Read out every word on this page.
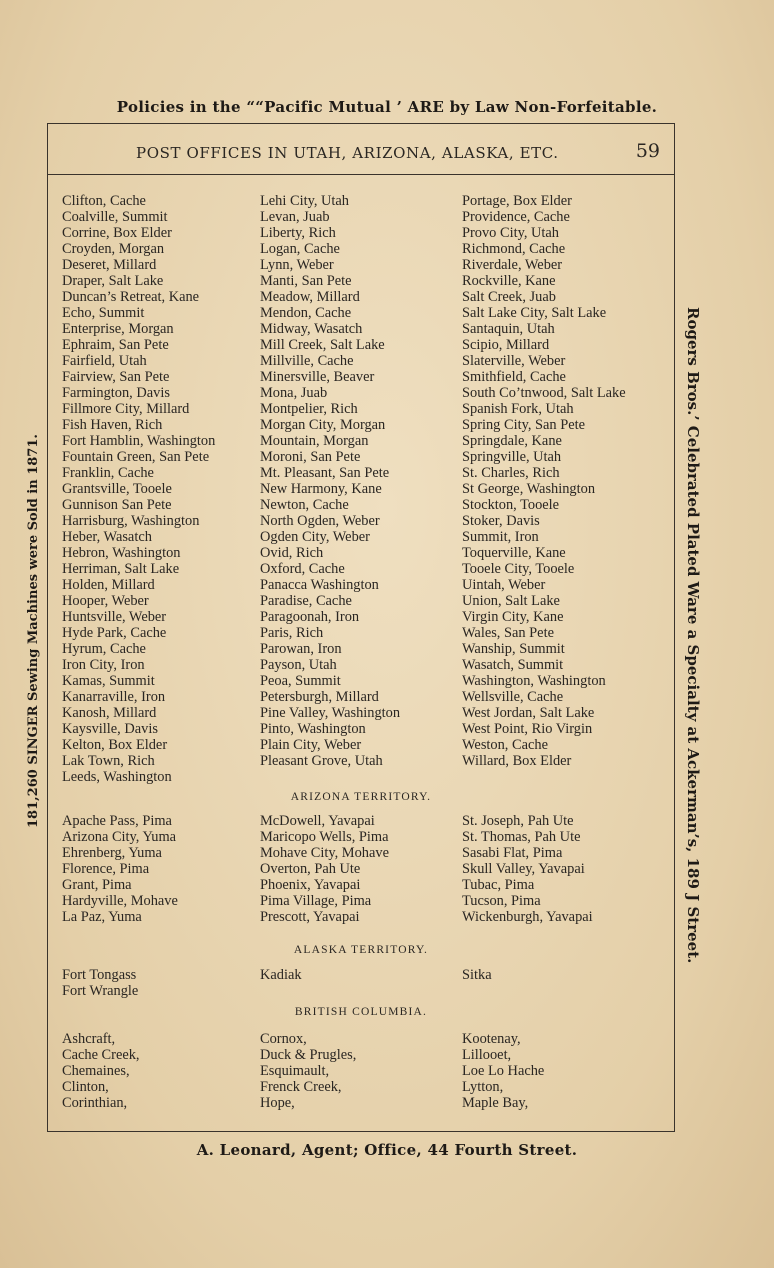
Policies in the ““Pacific Mutual ’ ARE by Law Non-Forfeitable.
181,260 SINGER Sewing Machines were Sold in 1871.	Rogers Bros.’ Celebrated Plated Ware a Specialty at Ackerman’s, 189 J Street.
POST OFFICES IN UTAH, ARIZONA, ALASKA, ETC.	59
Clifton, Cache
Coalville, Summit
Corrine, Box Elder
Croyden, Morgan
Deseret, Millard
Draper, Salt Lake
Duncan’s Retreat, Kane
Echo, Summit
Enterprise, Morgan
Ephraim, San Pete
Fairfield, Utah
Fairview, San Pete
Farmington, Davis
Fillmore City, Millard
Fish Haven, Rich
Fort Hamblin, Washington
Fountain Green, San Pete
Franklin, Cache
Grantsville, Tooele
Gunnison San Pete
Harrisburg, Washington
Heber, Wasatch
Hebron, Washington
Herriman, Salt Lake
Holden, Millard
Hooper, Weber
Huntsville, Weber
Hyde Park, Cache
Hyrum, Cache
Iron City, Iron
Kamas, Summit
Kanarraville, Iron
Kanosh, Millard
Kaysville, Davis
Kelton, Box Elder
Lak Town, Rich
Leeds, Washington
Lehi City, Utah
Levan, Juab
Liberty, Rich
Logan, Cache
Lynn, Weber
Manti, San Pete
Meadow, Millard
Mendon, Cache
Midway, Wasatch
Mill Creek, Salt Lake
Millville, Cache
Minersville, Beaver
Mona, Juab
Montpelier, Rich
Morgan City, Morgan
Mountain, Morgan
Moroni, San Pete
Mt. Pleasant, San Pete
New Harmony, Kane
Newton, Cache
North Ogden, Weber
Ogden City, Weber
Ovid, Rich
Oxford, Cache
Panacca Washington
Paradise, Cache
Paragoonah, Iron
Paris, Rich
Parowan, Iron
Payson, Utah
Peoa, Summit
Petersburgh, Millard
Pine Valley, Washington
Pinto, Washington
Plain City, Weber
Pleasant Grove, Utah
Portage, Box Elder
Providence, Cache
Provo City, Utah
Richmond, Cache
Riverdale, Weber
Rockville, Kane
Salt Creek, Juab
Salt Lake City, Salt Lake
Santaquin, Utah
Scipio, Millard
Slaterville, Weber
Smithfield, Cache
South Co’tnwood, Salt Lake
Spanish Fork, Utah
Spring City, San Pete
Springdale, Kane
Springville, Utah
St. Charles, Rich
St George, Washington
Stockton, Tooele
Stoker, Davis
Summit, Iron
Toquerville, Kane
Tooele City, Tooele
Uintah, Weber
Union, Salt Lake
Virgin City, Kane
Wales, San Pete
Wanship, Summit
Wasatch, Summit
Washington, Washington
Wellsville, Cache
West Jordan, Salt Lake
West Point, Rio Virgin
Weston, Cache
Willard, Box Elder
ARIZONA TERRITORY.
Apache Pass, Pima
Arizona City, Yuma
Ehrenberg, Yuma
Florence, Pima
Grant, Pima
Hardyville, Mohave
La Paz, Yuma
McDowell, Yavapai
Maricopo Wells, Pima
Mohave City, Mohave
Overton, Pah Ute
Phoenix, Yavapai
Pima Village, Pima
Prescott, Yavapai
St. Joseph, Pah Ute
St. Thomas, Pah Ute
Sasabi Flat, Pima
Skull Valley, Yavapai
Tubac, Pima
Tucson, Pima
Wickenburgh, Yavapai
ALASKA TERRITORY.
Fort Tongass
Fort Wrangle
Kadiak	Sitka
BRITISH COLUMBIA.
Ashcraft,
Cache Creek,
Chemaines,
Clinton,
Corinthian,
Cornox,
Duck & Prugles,
Esquimault,
Frenck Creek,
Hope,
Kootenay,
Lillooet,
Loe Lo Hache
Lytton,
Maple Bay,
A. Leonard, Agent; Office, 44 Fourth Street.
